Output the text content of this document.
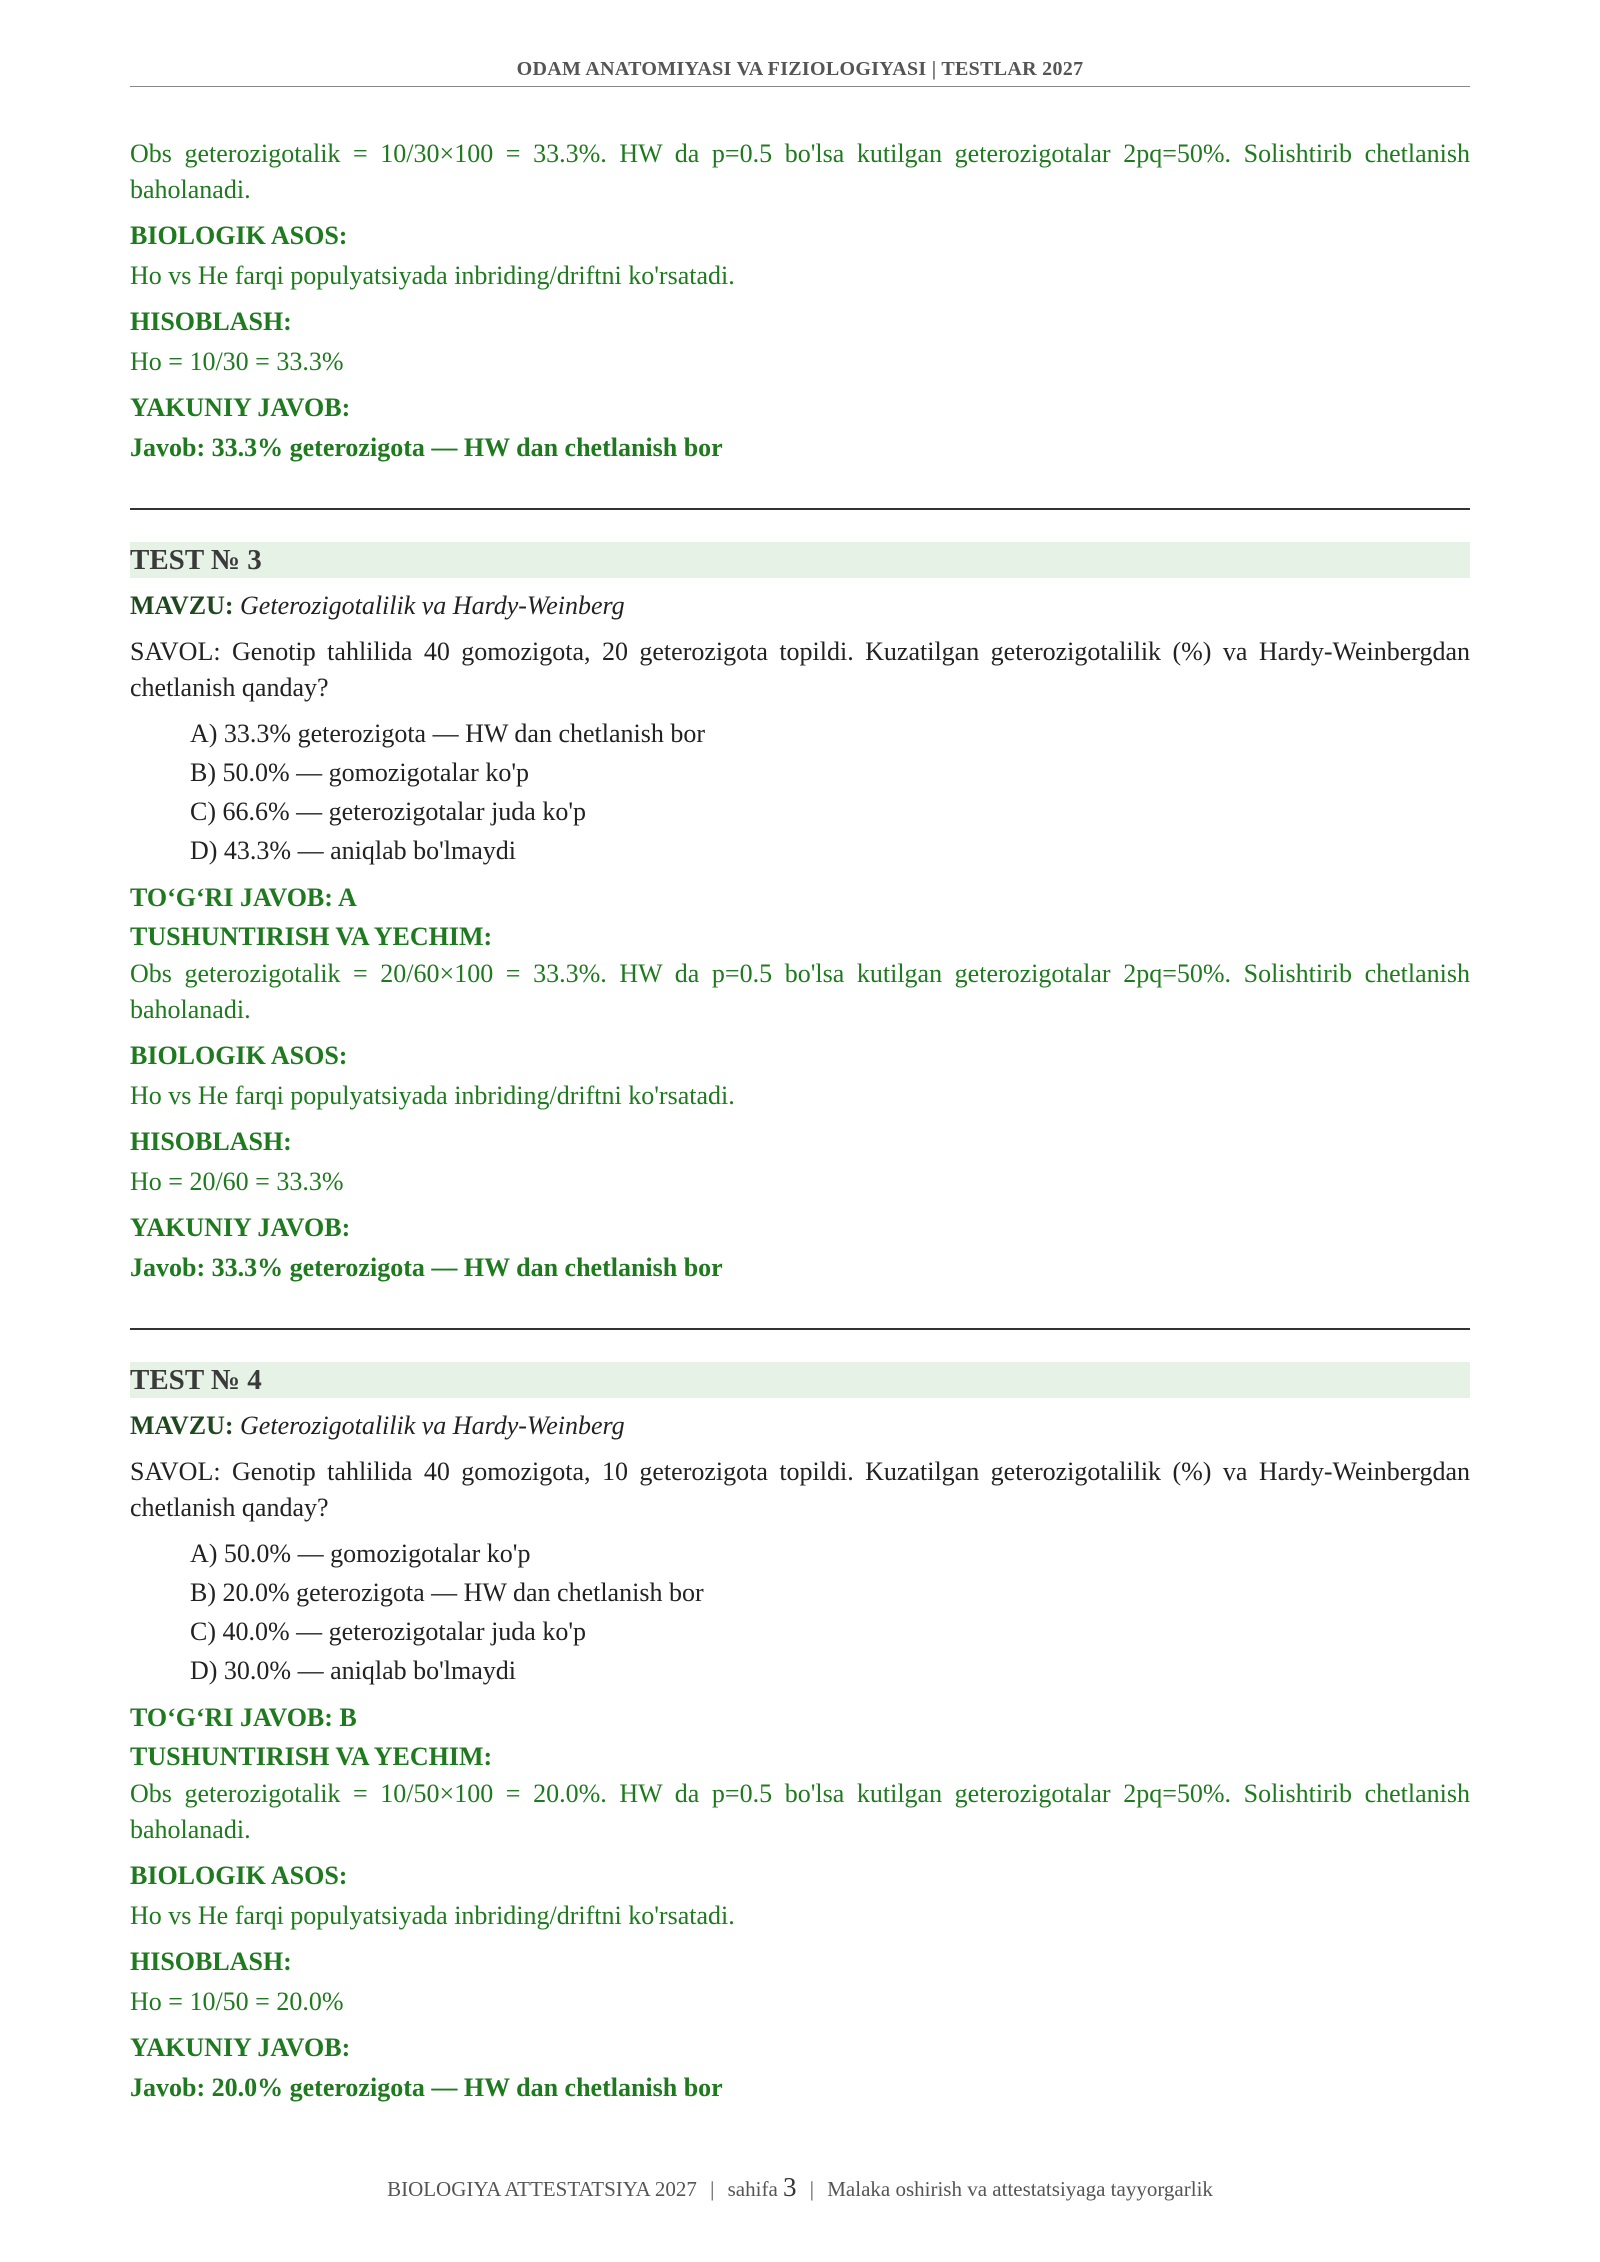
ODAM ANATOMIYASI VA FIZIOLOGIYASI | TESTLAR 2027

Obs geterozigotalik = 10/30×100 = 33.3%. HW da p=0.5 bo'lsa kutilgan geterozigotalar 2pq=50%. Solishtirib chetlanish baholanadi.

BIOLOGIK ASOS:

Ho vs He farqi populyatsiyada inbriding/driftni ko'rsatadi.

HISOBLASH:

Ho = 10/30 = 33.3%

YAKUNIY JAVOB:
Javob: 33.3% geterozigota — HW dan chetlanish bor
TEST № 3
MAVZU: Geterozigotalilik va Hardy-Weinberg

SAVOL: Genotip tahlilida 40 gomozigota, 20 geterozigota topildi. Kuzatilgan geterozigotalilik (%) va Hardy-Weinbergdan chetlanish qanday?

A) 33.3% geterozigota — HW dan chetlanish bor
B) 50.0% — gomozigotalar ko'p
C) 66.6% — geterozigotalar juda ko'p
D) 43.3% — aniqlab bo'lmaydi
TO‘G‘RI JAVOB: A
TUSHUNTIRISH VA YECHIM:

Obs geterozigotalik = 20/60×100 = 33.3%. HW da p=0.5 bo'lsa kutilgan geterozigotalar 2pq=50%. Solishtirib chetlanish baholanadi.

BIOLOGIK ASOS:

Ho vs He farqi populyatsiyada inbriding/driftni ko'rsatadi.

HISOBLASH:

Ho = 20/60 = 33.3%

YAKUNIY JAVOB:
Javob: 33.3% geterozigota — HW dan chetlanish bor
TEST № 4
MAVZU: Geterozigotalilik va Hardy-Weinberg

SAVOL: Genotip tahlilida 40 gomozigota, 10 geterozigota topildi. Kuzatilgan geterozigotalilik (%) va Hardy-Weinbergdan chetlanish qanday?

A) 50.0% — gomozigotalar ko'p
B) 20.0% geterozigota — HW dan chetlanish bor
C) 40.0% — geterozigotalar juda ko'p
D) 30.0% — aniqlab bo'lmaydi
TO‘G‘RI JAVOB: B
TUSHUNTIRISH VA YECHIM:

Obs geterozigotalik = 10/50×100 = 20.0%. HW da p=0.5 bo'lsa kutilgan geterozigotalar 2pq=50%. Solishtirib chetlanish baholanadi.

BIOLOGIK ASOS:

Ho vs He farqi populyatsiyada inbriding/driftni ko'rsatadi.

HISOBLASH:

Ho = 10/50 = 20.0%

YAKUNIY JAVOB:
Javob: 20.0% geterozigota — HW dan chetlanish bor
BIOLOGIYA ATTESTATSIYA 2027 | sahifa 3 | Malaka oshirish va attestatsiyaga tayyorgarlik
